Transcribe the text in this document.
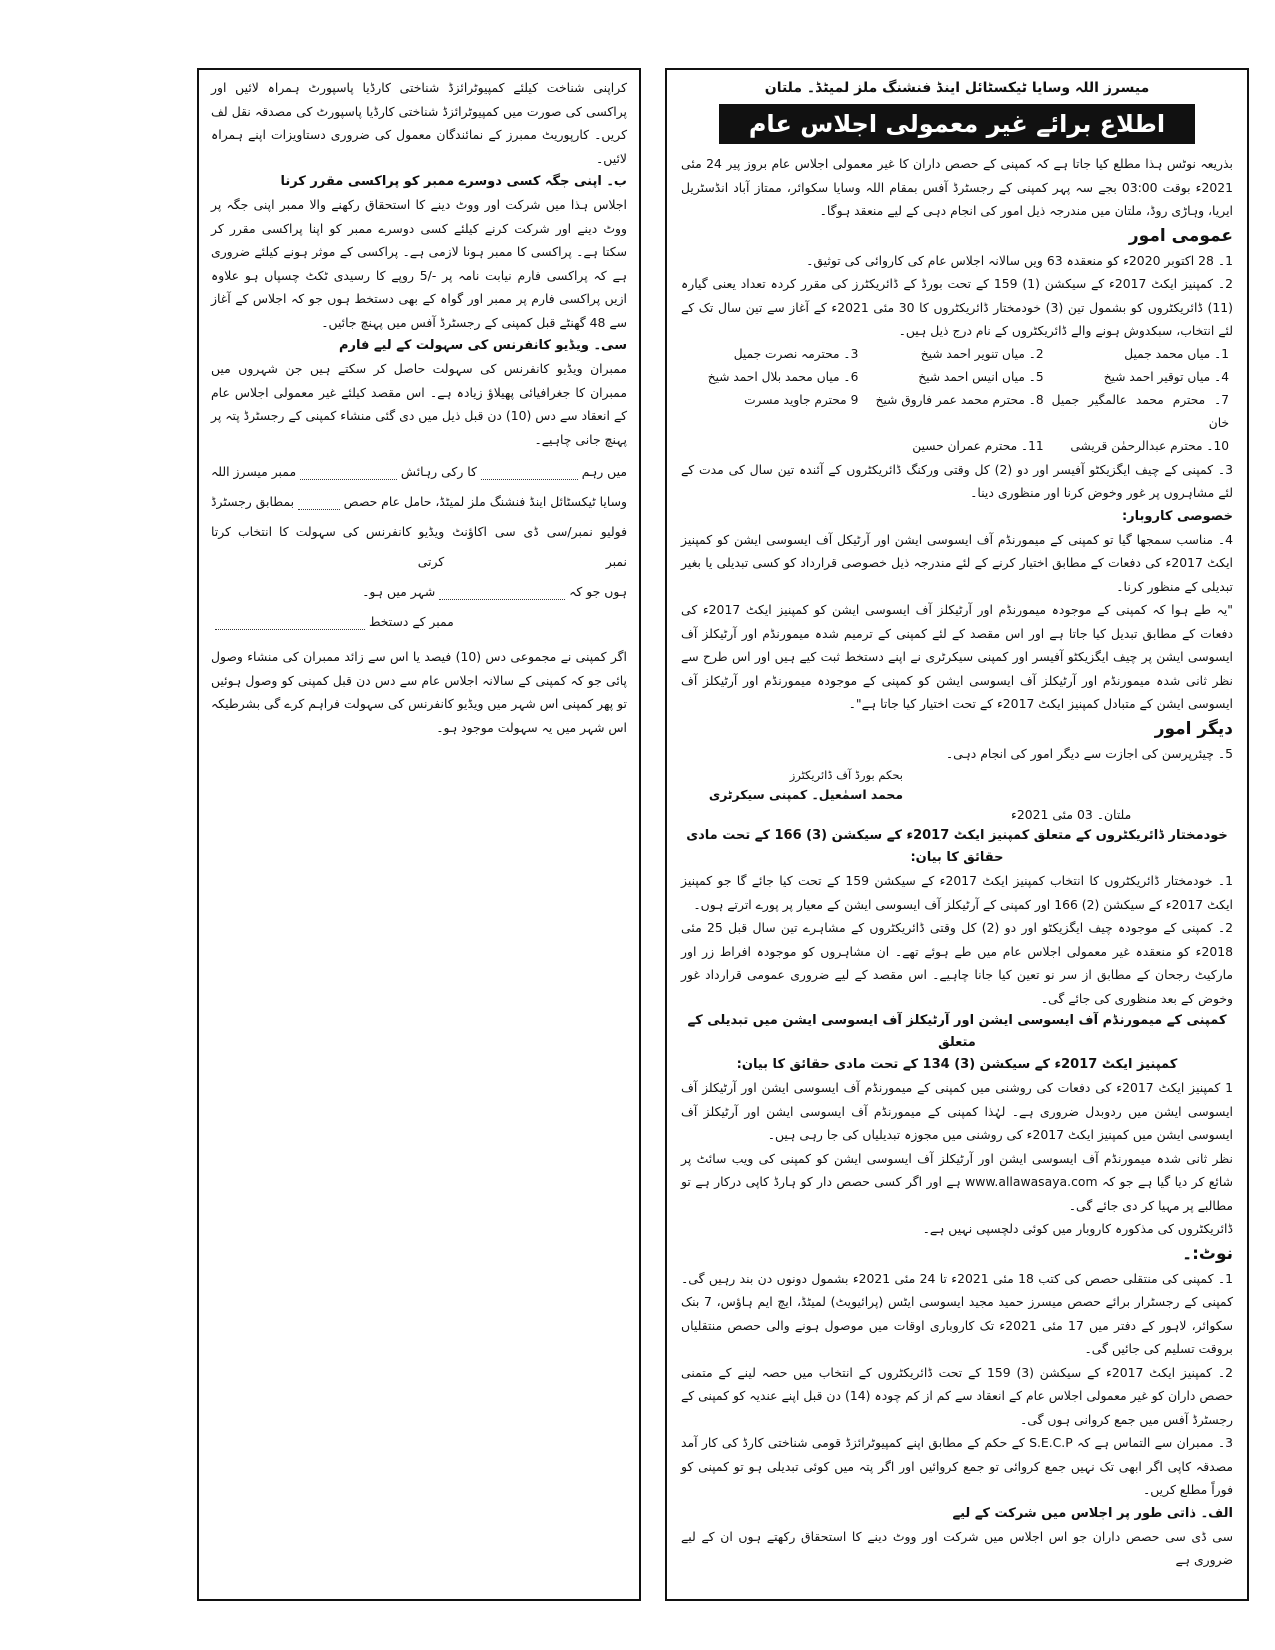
کراپنی شناخت کیلئے کمپیوٹرائزڈ شناختی کارڈیا پاسپورٹ ہمراہ لائیں اور پراکسی کی صورت میں کمپیوٹرائزڈ شناختی کارڈیا پاسپورٹ کی مصدقہ نقل لف کریں۔ کارپوریٹ ممبرز کے نمائندگان معمول کی ضروری دستاویزات اپنے ہمراہ لائیں۔

ب۔ اپنی جگہ کسی دوسرے ممبر کو پراکسی مقرر کرنا

اجلاس ہذا میں شرکت اور ووٹ دینے کا استحقاق رکھنے والا ممبر اپنی جگہ پر ووٹ دینے اور شرکت کرنے کیلئے کسی دوسرے ممبر کو اپنا پراکسی مقرر کر سکتا ہے۔ پراکسی کا ممبر ہونا لازمی ہے۔ پراکسی کے موثر ہونے کیلئے ضروری ہے کہ پراکسی فارم نیابت نامہ پر -/5 روپے کا رسیدی ٹکٹ چسپاں ہو علاوہ ازیں پراکسی فارم پر ممبر اور گواہ کے بھی دستخط ہوں جو کہ اجلاس کے آغاز سے 48 گھنٹے قبل کمپنی کے رجسٹرڈ آفس میں پہنچ جائیں۔

سی۔ ویڈیو کانفرنس کی سہولت کے لیے فارم

ممبران ویڈیو کانفرنس کی سہولت حاصل کر سکتے ہیں جن شہروں میں ممبران کا جغرافیائی پھیلاؤ زیادہ ہے۔ اس مقصد کیلئے غیر معمولی اجلاس عام کے انعقاد سے دس (10) دن قبل ذیل میں دی گئی منشاء کمپنی کے رجسٹرڈ پتہ پر پہنچ جانی چاہیے۔

میں رہم
کا رکی رہائش
ممبر میسرز اللہ
وسایا ٹیکسٹائل اینڈ فنشنگ ملز لمیٹڈ، حامل عام حصص
بمطابق رجسٹرڈ
فولیو نمبر/سی ڈی سی اکاؤنٹ نمبر
ویڈیو کانفرنس کی سہولت کا انتخاب کرتا کرتی
ہوں جو کہ
شہر میں ہو۔
ممبر کے دستخط

اگر کمپنی نے مجموعی دس (10) فیصد یا اس سے زائد ممبران کی منشاء وصول پائی جو کہ کمپنی کے سالانہ اجلاس عام سے دس دن قبل کمپنی کو وصول ہوئیں تو پھر کمپنی اس شہر میں ویڈیو کانفرنس کی سہولت فراہم کرے گی بشرطیکہ اس شہر میں یہ سہولت موجود ہو۔

میسرز اللہ وسایا ٹیکسٹائل اینڈ فنشنگ ملز لمیٹڈ۔ ملتان

اطلاع برائے غیر معمولی اجلاس عام

بذریعہ نوٹس ہذا مطلع کیا جاتا ہے کہ کمپنی کے حصص داران کا غیر معمولی اجلاس عام بروز پیر 24 مئی 2021ء بوقت 03:00 بجے سہ پہر کمپنی کے رجسٹرڈ آفس بمقام اللہ وسایا سکوائر، ممتاز آباد انڈسٹریل ایریا، وہاڑی روڈ، ملتان میں مندرجہ ذیل امور کی انجام دہی کے لیے منعقد ہوگا۔

عمومی امور

1۔ 28 اکتوبر 2020ء کو منعقدہ 63 ویں سالانہ اجلاس عام کی کاروائی کی توثیق۔

2۔ کمپنیز ایکٹ 2017ء کے سیکشن (1) 159 کے تحت بورڈ کے ڈائریکٹرز کی مقرر کردہ تعداد یعنی گیارہ (11) ڈائریکٹروں کو بشمول تین (3) خودمختار ڈائریکٹروں کا 30 مئی 2021ء کے آغاز سے تین سال تک کے لئے انتخاب، سبکدوش ہونے والے ڈائریکٹروں کے نام درج ذیل ہیں۔

1۔ میاں محمد جمیل
2۔ میاں تنویر احمد شیخ
3۔ محترمہ نصرت جمیل
4۔ میاں توقیر احمد شیخ
5۔ میاں انیس احمد شیخ
6۔ میاں محمد بلال احمد شیخ
7۔ محترم محمد عالمگیر جمیل خان
8۔ محترم محمد عمر فاروق شیخ
9 محترم جاوید مسرت
10۔ محترم عبدالرحمٰن قریشی
11۔ محترم عمران حسین

3۔ کمپنی کے چیف ایگزیکٹو آفیسر اور دو (2) کل وقتی ورکنگ ڈائریکٹروں کے آئندہ تین سال کی مدت کے لئے مشاہروں پر غور وخوض کرنا اور منظوری دینا۔

خصوصی کاروبار:

4۔ مناسب سمجھا گیا تو کمپنی کے میمورنڈم آف ایسوسی ایشن اور آرٹیکل آف ایسوسی ایشن کو کمپنیز ایکٹ 2017ء کی دفعات کے مطابق اختیار کرنے کے لئے مندرجہ ذیل خصوصی قرارداد کو کسی تبدیلی یا بغیر تبدیلی کے منظور کرنا۔

"یہ طے ہوا کہ کمپنی کے موجودہ میمورنڈم اور آرٹیکلز آف ایسوسی ایشن کو کمپنیز ایکٹ 2017ء کی دفعات کے مطابق تبدیل کیا جاتا ہے اور اس مقصد کے لئے کمپنی کے ترمیم شدہ میمورنڈم اور آرٹیکلز آف ایسوسی ایشن پر چیف ایگزیکٹو آفیسر اور کمپنی سیکرٹری نے اپنے دستخط ثبت کیے ہیں اور اس طرح سے نظر ثانی شدہ میمورنڈم اور آرٹیکلز آف ایسوسی ایشن کو کمپنی کے موجودہ میمورنڈم اور آرٹیکلز آف ایسوسی ایشن کے متبادل کمپنیز ایکٹ 2017ء کے تحت اختیار کیا جاتا ہے"۔

دیگر امور

5۔ چیئرپرسن کی اجازت سے دیگر امور کی انجام دہی۔

بحکم بورڈ آف ڈائریکٹرز

محمد اسمٰعیل۔ کمپنی سیکرٹری

ملتان۔ 03 مئی 2021ء

خودمختار ڈائریکٹروں کے متعلق کمپنیز ایکٹ 2017ء کے سیکشن (3) 166 کے تحت مادی حقائق کا بیان:

1۔ خودمختار ڈائریکٹروں کا انتخاب کمپنیز ایکٹ 2017ء کے سیکشن 159 کے تحت کیا جائے گا جو کمپنیز ایکٹ 2017ء کے سیکشن (2) 166 اور کمپنی کے آرٹیکلز آف ایسوسی ایشن کے معیار پر پورے اترتے ہوں۔

2۔ کمپنی کے موجودہ چیف ایگزیکٹو اور دو (2) کل وقتی ڈائریکٹروں کے مشاہرے تین سال قبل 25 مئی 2018ء کو منعقدہ غیر معمولی اجلاس عام میں طے ہوئے تھے۔ ان مشاہروں کو موجودہ افراط زر اور مارکیٹ رجحان کے مطابق از سر نو تعین کیا جانا چاہیے۔ اس مقصد کے لیے ضروری عمومی قرارداد غور وخوض کے بعد منظوری کی جائے گی۔

کمپنی کے میمورنڈم آف ایسوسی ایشن اور آرٹیکلز آف ایسوسی ایشن میں تبدیلی کے متعلق

کمپنیز ایکٹ 2017ء کے سیکشن (3) 134 کے تحت مادی حقائق کا بیان:

1 کمپنیز ایکٹ 2017ء کی دفعات کی روشنی میں کمپنی کے میمورنڈم آف ایسوسی ایشن اور آرٹیکلز آف ایسوسی ایشن میں ردوبدل ضروری ہے۔ لہٰذا کمپنی کے میمورنڈم آف ایسوسی ایشن اور آرٹیکلز آف ایسوسی ایشن میں کمپنیز ایکٹ 2017ء کی روشنی میں مجوزہ تبدیلیاں کی جا رہی ہیں۔

نظر ثانی شدہ میمورنڈم آف ایسوسی ایشن اور آرٹیکلز آف ایسوسی ایشن کو کمپنی کی ویب سائٹ پر شائع کر دیا گیا ہے جو کہ www.allawasaya.com ہے اور اگر کسی حصص دار کو ہارڈ کاپی درکار ہے تو مطالبے پر مہیا کر دی جائے گی۔

ڈائریکٹروں کی مذکورہ کاروبار میں کوئی دلچسپی نہیں ہے۔

نوٹ:۔

1۔ کمپنی کی منتقلی حصص کی کتب 18 مئی 2021ء تا 24 مئی 2021ء بشمول دونوں دن بند رہیں گی۔ کمپنی کے رجسٹرار برائے حصص میسرز حمید مجید ایسوسی ایٹس (پرائیویٹ) لمیٹڈ، ایچ ایم ہاؤس، 7 بنک سکوائر، لاہور کے دفتر میں 17 مئی 2021ء تک کاروباری اوقات میں موصول ہونے والی حصص منتقلیاں بروقت تسلیم کی جائیں گی۔

2۔ کمپنیز ایکٹ 2017ء کے سیکشن (3) 159 کے تحت ڈائریکٹروں کے انتخاب میں حصہ لینے کے متمنی حصص داران کو غیر معمولی اجلاس عام کے انعقاد سے کم از کم چودہ (14) دن قبل اپنے عندیہ کو کمپنی کے رجسٹرڈ آفس میں جمع کروانی ہوں گی۔

3۔ ممبران سے التماس ہے کہ S.E.C.P کے حکم کے مطابق اپنے کمپیوٹرائزڈ قومی شناختی کارڈ کی کار آمد مصدقہ کاپی اگر ابھی تک نہیں جمع کروائی تو جمع کروائیں اور اگر پتہ میں کوئی تبدیلی ہو تو کمپنی کو فوراً مطلع کریں۔

الف۔ ذاتی طور پر اجلاس میں شرکت کے لیے

سی ڈی سی حصص داران جو اس اجلاس میں شرکت اور ووٹ دینے کا استحقاق رکھتے ہوں ان کے لیے ضروری ہے
